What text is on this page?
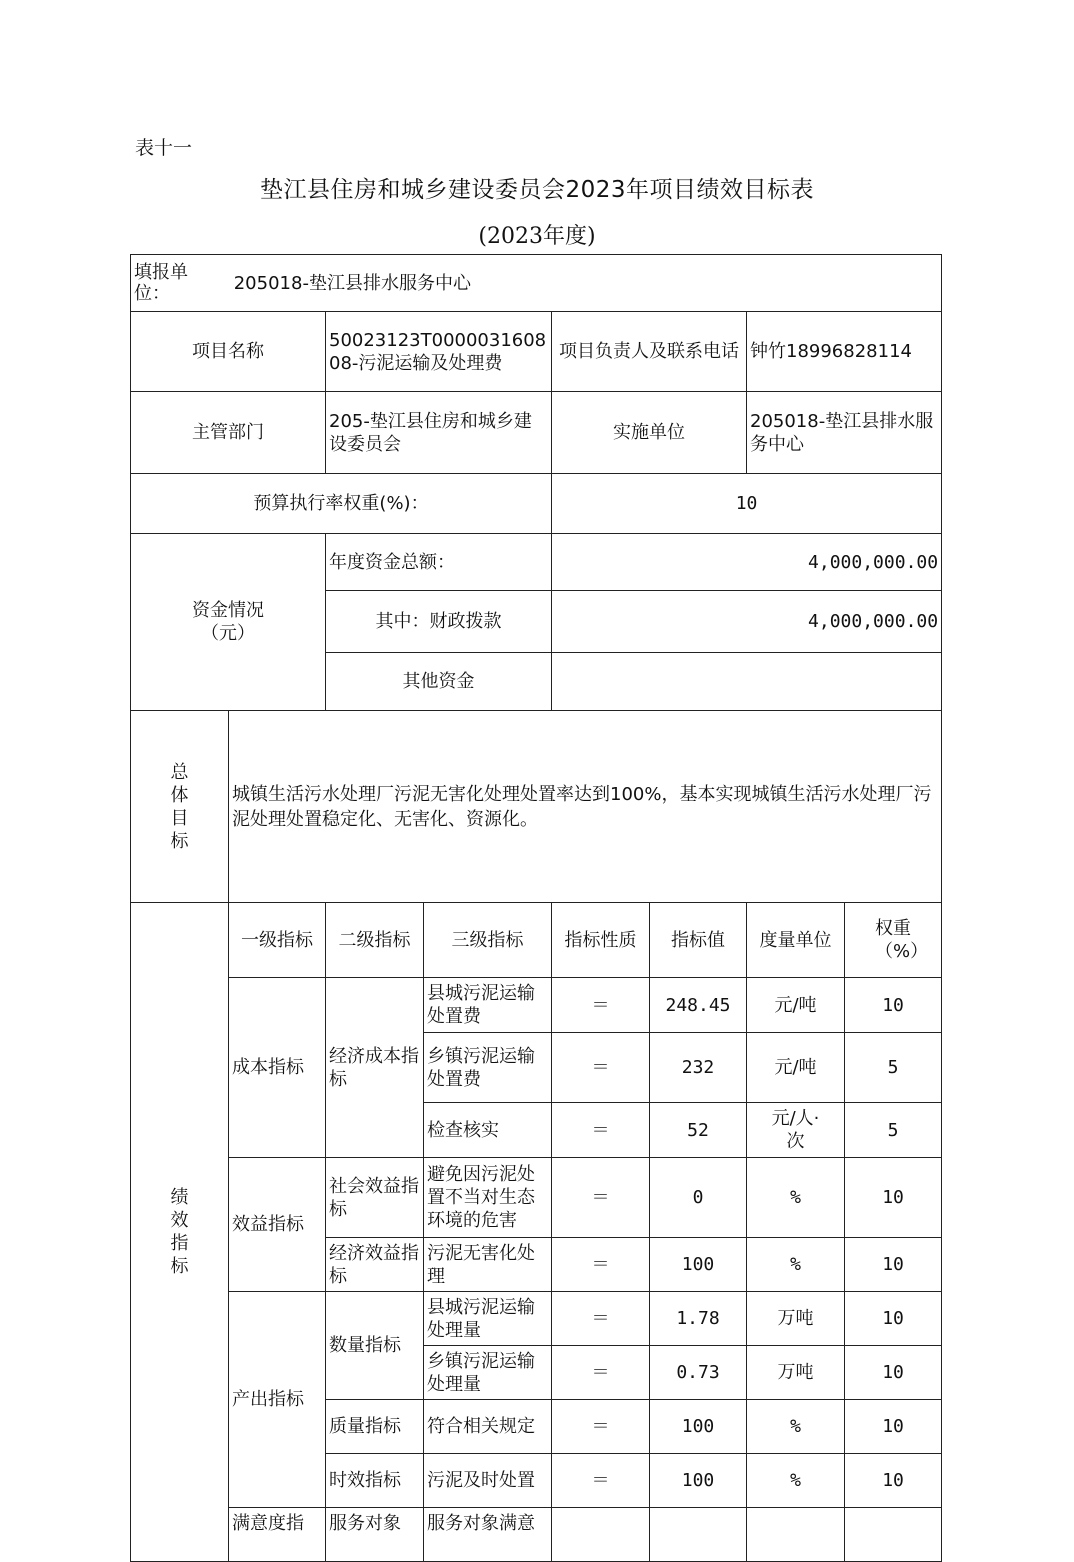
表十一
垫江县住房和城乡建设委员会2023年项目绩效目标表
(2023年度)
填报单位： 205018-垫江县排水服务中心							
项目名称		50023123T000003160808-污泥运输及处理费		项目负责人及联系电话		钟竹18996828114	
主管部门		205-垫江县住房和城乡建设委员会		实施单位		205018-垫江县排水服务中心	
预算执行率权重(%)：				10			
资金情况（元）		年度资金总额：		4,000,000.00			
		其中：财政拨款		4,000,000.00			
		其他资金					
总体目标	城镇生活污水处理厂污泥无害化处理处置率达到100%，基本实现城镇生活污水处理厂污泥处理处置稳定化、无害化、资源化。						
绩效指标	一级指标	二级指标	三级指标	指标性质	指标值	度量单位	权重（%）
	成本指标	经济成本指标	县城污泥运输处置费	＝	248.45	元/吨	10
			乡镇污泥运输处置费	＝	232	元/吨	5
			检查核实	＝	52	元/人·次	5
	效益指标	社会效益指标	避免因污泥处置不当对生态环境的危害	＝	0	%	10
		经济效益指标	污泥无害化处理	＝	100	%	10
	产出指标	数量指标	县城污泥运输处理量	＝	1.78	万吨	10
			乡镇污泥运输处理量	＝	0.73	万吨	10
		质量指标	符合相关规定	＝	100	%	10
		时效指标	污泥及时处置	＝	100	%	10
	满意度指	服务对象	服务对象满意				
